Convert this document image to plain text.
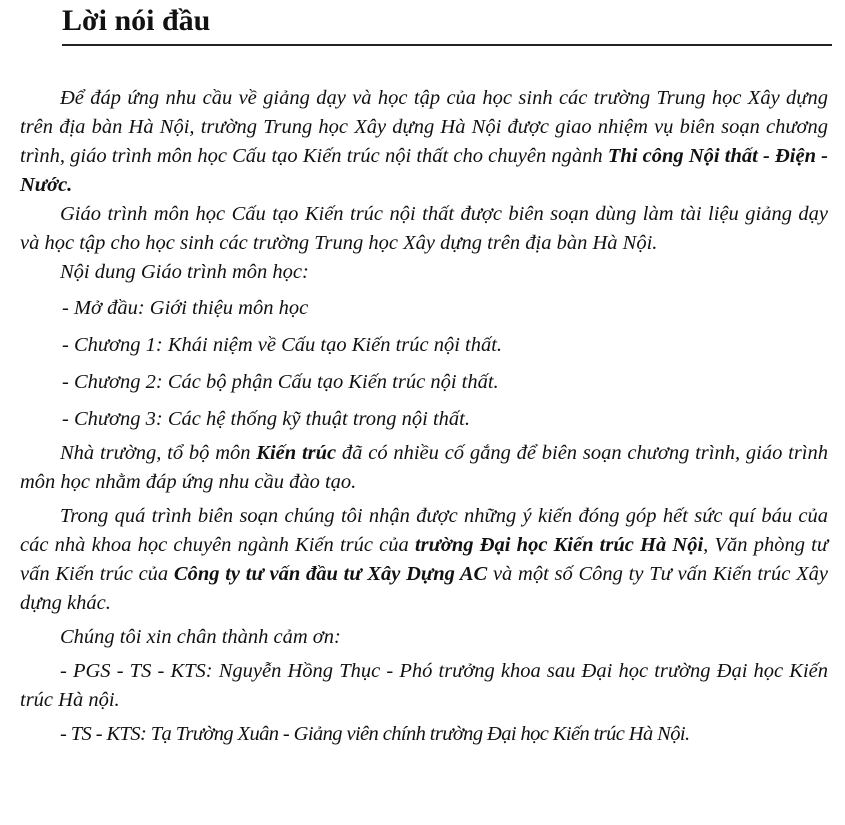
Lời nói đầu

Để đáp ứng nhu cầu về giảng dạy và học tập của học sinh các trường Trung học Xây dựng trên địa bàn Hà Nội, trường Trung học Xây dựng Hà Nội được giao nhiệm vụ biên soạn chương trình, giáo trình môn học Cấu tạo Kiến trúc nội thất cho chuyên ngành Thi công Nội thất - Điện - Nước.

Giáo trình môn học Cấu tạo Kiến trúc nội thất được biên soạn dùng làm tài liệu giảng dạy và học tập cho học sinh các trường Trung học Xây dựng trên địa bàn Hà Nội.

Nội dung Giáo trình môn học:

- Mở đầu: Giới thiệu môn học

- Chương 1: Khái niệm về Cấu tạo Kiến trúc nội thất.

- Chương 2: Các bộ phận Cấu tạo Kiến trúc nội thất.

- Chương 3: Các hệ thống kỹ thuật trong nội thất.

Nhà trường, tổ bộ môn Kiến trúc đã có nhiều cố gắng để biên soạn chương trình, giáo trình môn học nhằm đáp ứng nhu cầu đào tạo.

Trong quá trình biên soạn chúng tôi nhận được những ý kiến đóng góp hết sức quí báu của các nhà khoa học chuyên ngành Kiến trúc của trường Đại học Kiến trúc Hà Nội, Văn phòng tư vấn Kiến trúc của Công ty tư vấn đầu tư Xây Dựng AC và một số Công ty Tư vấn Kiến trúc Xây dựng khác.

Chúng tôi xin chân thành cảm ơn:

- PGS - TS - KTS: Nguyễn Hồng Thục - Phó trưởng khoa sau Đại học trường Đại học Kiến trúc Hà nội.

- TS - KTS: Tạ Trường Xuân - Giảng viên chính trường Đại học Kiến trúc Hà Nội.
